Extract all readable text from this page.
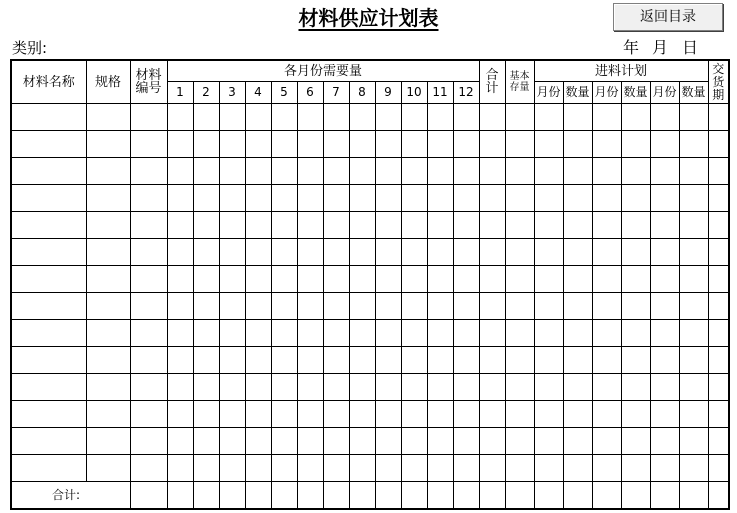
材料供应计划表	返回目录
类别:	年 月 日
材料名称	规格	材料编号	各月份需要量												合计	基本存量	进料计划						交货期
			1	2	3	4	5	6	7	8	9	10	11	12			月份	数量	月份	数量	月份	数量	

合计:																							
